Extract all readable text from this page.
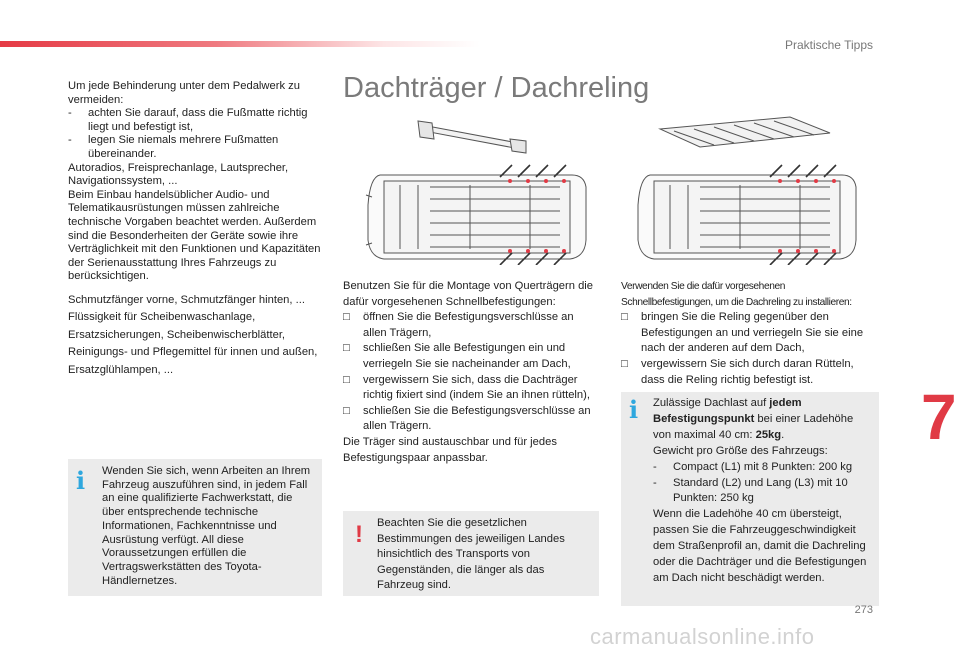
Praktische Tipps

Um jede Behinderung unter dem Pedalwerk zu vermeiden:

- achten Sie darauf, dass die Fußmatte richtig liegt und befestigt ist,

- legen Sie niemals mehrere Fußmatten übereinander.

Autoradios, Freisprechanlage, Lautsprecher, Navigationssystem, ...

Beim Einbau handelsüblicher Audio- und Telematikausrüstungen müssen zahlreiche technische Vorgaben beachtet werden. Außerdem sind die Besonderheiten der Geräte sowie ihre Verträglichkeit mit den Funktionen und Kapazitäten der Serienausstattung Ihres Fahrzeugs zu berücksichtigen.

Schmutzfänger vorne, Schmutzfänger hinten, ...

Flüssigkeit für Scheibenwaschanlage, Ersatzsicherungen, Scheibenwischerblätter, Reinigungs- und Pflegemittel für innen und außen, Ersatzglühlampen, ...

i Wenden Sie sich, wenn Arbeiten an Ihrem Fahrzeug auszuführen sind, in jedem Fall an eine qualifizierte Fachwerkstatt, die über entsprechende technische Informationen, Fachkenntnisse und Ausrüstung verfügt. All diese Voraussetzungen erfüllen die Vertragswerkstätten des Toyota-Händlernetzes.
Dachträger / Dachreling

Benutzen Sie für die Montage von Querträgern die dafür vorgesehenen Schnellbefestigungen:

□ öffnen Sie die Befestigungsverschlüsse an allen Trägern,

□ schließen Sie alle Befestigungen ein und verriegeln Sie sie nacheinander am Dach,

□ vergewissern Sie sich, dass die Dachträger richtig fixiert sind (indem Sie an ihnen rütteln),

□ schließen Sie die Befestigungsverschlüsse an allen Trägern.

Die Träger sind austauschbar und für jedes Befestigungspaar anpassbar.

! Beachten Sie die gesetzlichen Bestimmungen des jeweiligen Landes hinsichtlich des Transports von Gegenständen, die länger als das Fahrzeug sind.

Verwenden Sie die dafür vorgesehenen Schnellbefestigungen, um die Dachreling zu installieren:

□ bringen Sie die Reling gegenüber den Befestigungen an und verriegeln Sie sie eine nach der anderen auf dem Dach,

□ vergewissern Sie sich durch daran Rütteln, dass die Reling richtig befestigt ist.

i Zulässige Dachlast auf jedem Befestigungspunkt bei einer Ladehöhe von maximal 40 cm: 25kg.
Gewicht pro Größe des Fahrzeugs:

- Compact (L1) mit 8 Punkten: 200 kg

- Standard (L2) und Lang (L3) mit 10 Punkten: 250 kg

Wenn die Ladehöhe 40 cm übersteigt, passen Sie die Fahrzeuggeschwindigkeit dem Straßenprofil an, damit die Dachreling oder die Dachträger und die Befestigungen am Dach nicht beschädigt werden.
7
273
carmanualsonline.info
